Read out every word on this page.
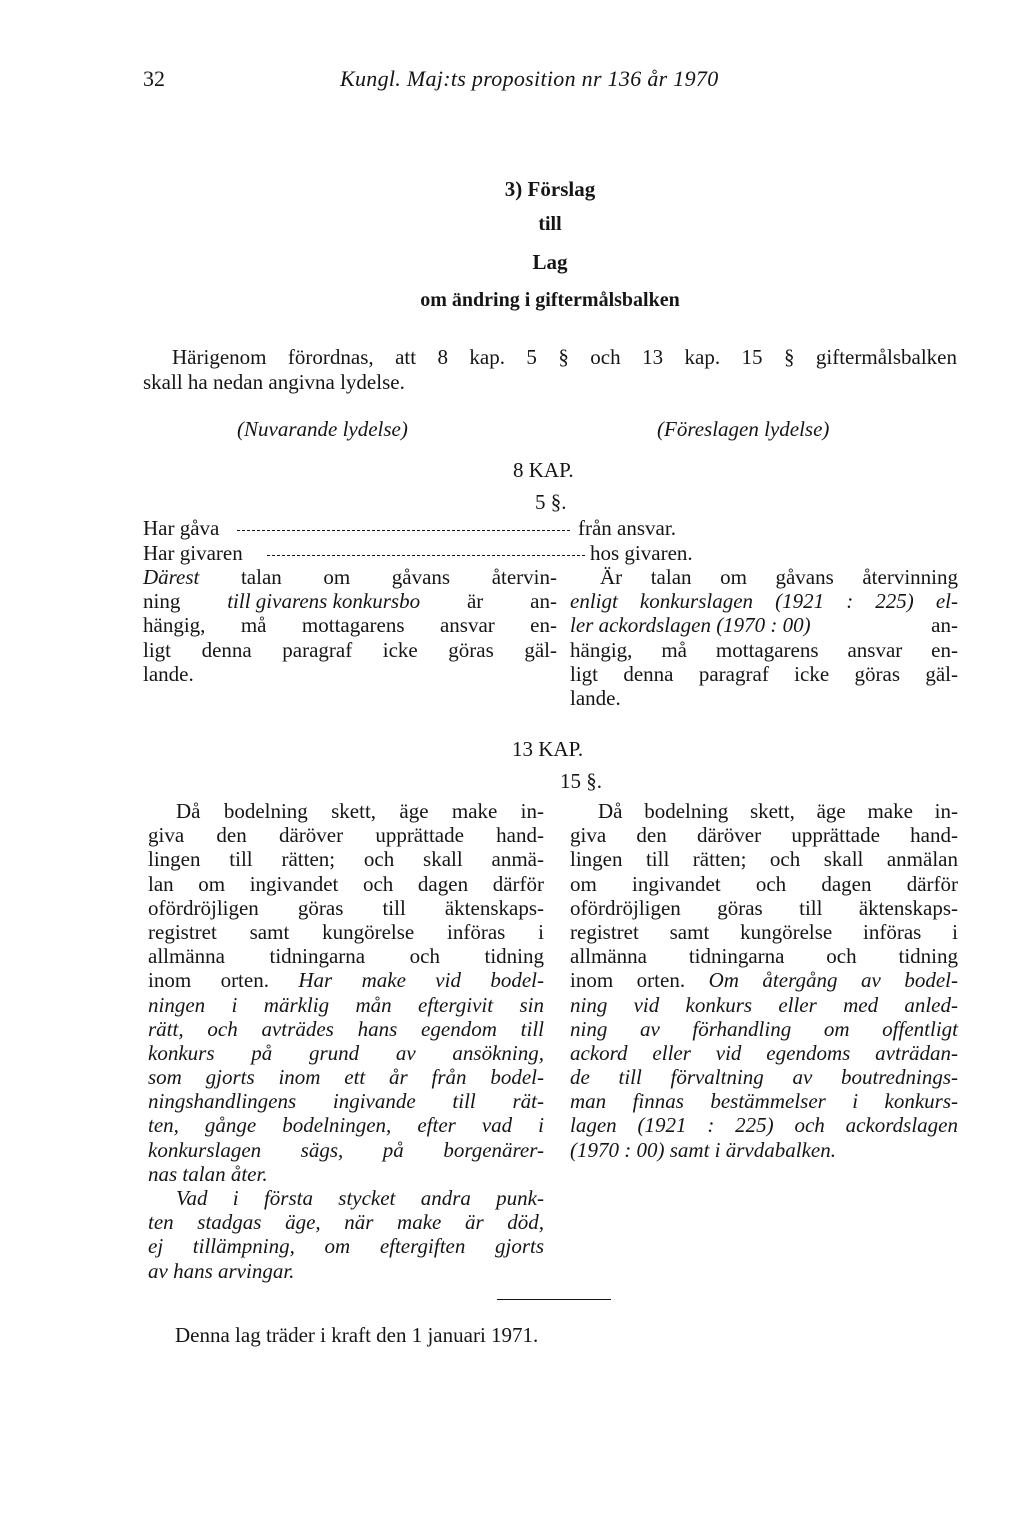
32	Kungl. Maj:ts proposition nr 136 år 1970
3) Förslag
till
Lag
om ändring i giftermålsbalken
Härigenom förordnas, att 8 kap. 5 § och 13 kap. 15 § giftermålsbalken
skall ha nedan angivna lydelse.
(Nuvarande lydelse)	(Föreslagen lydelse)
8 KAP.
5 §.
Har gåva	från ansvar.
Har givaren	hos givaren.
Därest talan om gåvans återvin-
ning till givarens konkursbo är an-
hängig, må mottagarens ansvar en-
ligt denna paragraf icke göras gäl-
lande.
Är talan om gåvans återvinning
enligt konkurslagen (1921 : 225) el-
ler ackordslagen (1970 : 00)	an-
hängig, må mottagarens ansvar en-
ligt denna paragraf icke göras gäl-
lande.
13 KAP.
15 §.
Då bodelning skett, äge make in-
giva den däröver upprättade hand-
lingen till rätten; och skall anmä-
lan om ingivandet och dagen därför
ofördröjligen göras till äktenskaps-
registret samt kungörelse införas i
allmänna tidningarna och tidning
inom orten. Har make vid bodel-
ningen i märklig mån eftergivit sin
rätt, och avträdes hans egendom till
konkurs på grund av ansökning,
som gjorts inom ett år från bodel-
ningshandlingens ingivande till rät-
ten, gånge bodelningen, efter vad i
konkurslagen sägs, på borgenärer-
nas talan åter.
Vad i första stycket andra punk-
ten stadgas äge, när make är död,
ej tillämpning, om eftergiften gjorts
av hans arvingar.
Då bodelning skett, äge make in-
giva den däröver upprättade hand-
lingen till rätten; och skall anmälan
om ingivandet och dagen därför
ofördröjligen göras till äktenskaps-
registret samt kungörelse införas i
allmänna tidningarna och tidning
inom orten. Om återgång av bodel-
ning vid konkurs eller med anled-
ning av förhandling om offentligt
ackord eller vid egendoms avträdan-
de till förvaltning av boutrednings-
man finnas bestämmelser i konkurs-
lagen (1921 : 225) och ackordslagen
(1970 : 00) samt i ärvdabalken.
Denna lag träder i kraft den 1 januari 1971.
